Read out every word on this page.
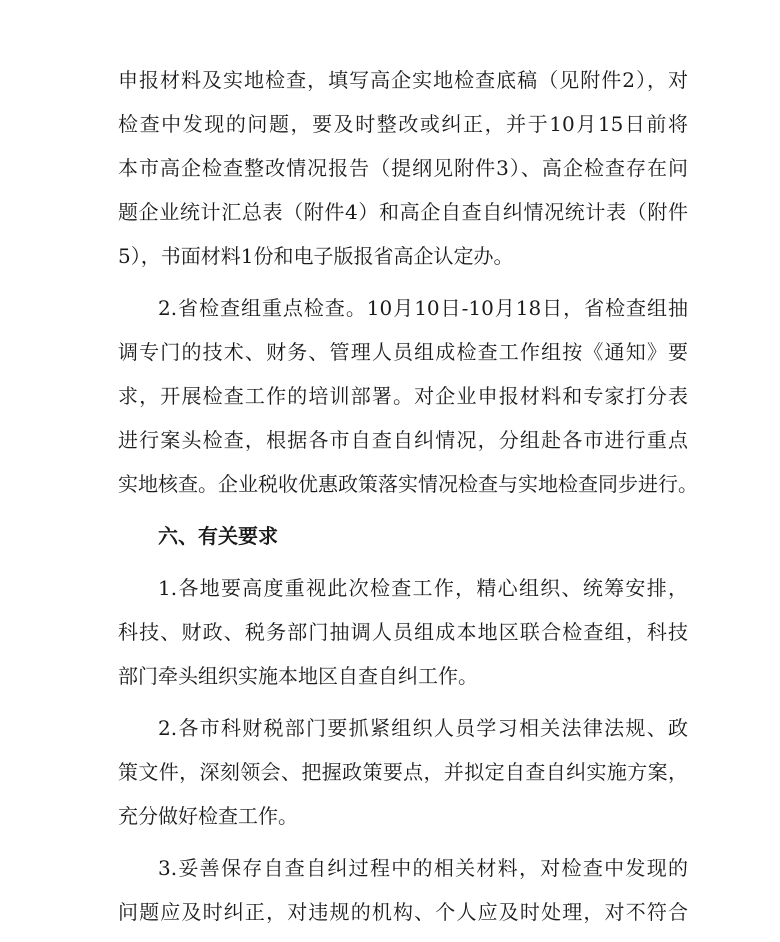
申报材料及实地检查，填写高企实地检查底稿（见附件2），对
检查中发现的问题，要及时整改或纠正，并于10月15日前将
本市高企检查整改情况报告（提纲见附件3）、高企检查存在问
题企业统计汇总表（附件4）和高企自查自纠情况统计表（附件
5），书面材料1份和电子版报省高企认定办。
2.省检查组重点检查。10月10日-10月18日，省检查组抽
调专门的技术、财务、管理人员组成检查工作组按《通知》要
求，开展检查工作的培训部署。对企业申报材料和专家打分表
进行案头检查，根据各市自查自纠情况，分组赴各市进行重点
实地核查。企业税收优惠政策落实情况检查与实地检查同步进行。
六、有关要求
1.各地要高度重视此次检查工作，精心组织、统筹安排，
科技、财政、税务部门抽调人员组成本地区联合检查组，科技
部门牵头组织实施本地区自查自纠工作。
2.各市科财税部门要抓紧组织人员学习相关法律法规、政
策文件，深刻领会、把握政策要点，并拟定自查自纠实施方案，
充分做好检查工作。
3.妥善保存自查自纠过程中的相关材料，对检查中发现的
问题应及时纠正，对违规的机构、个人应及时处理，对不符合
